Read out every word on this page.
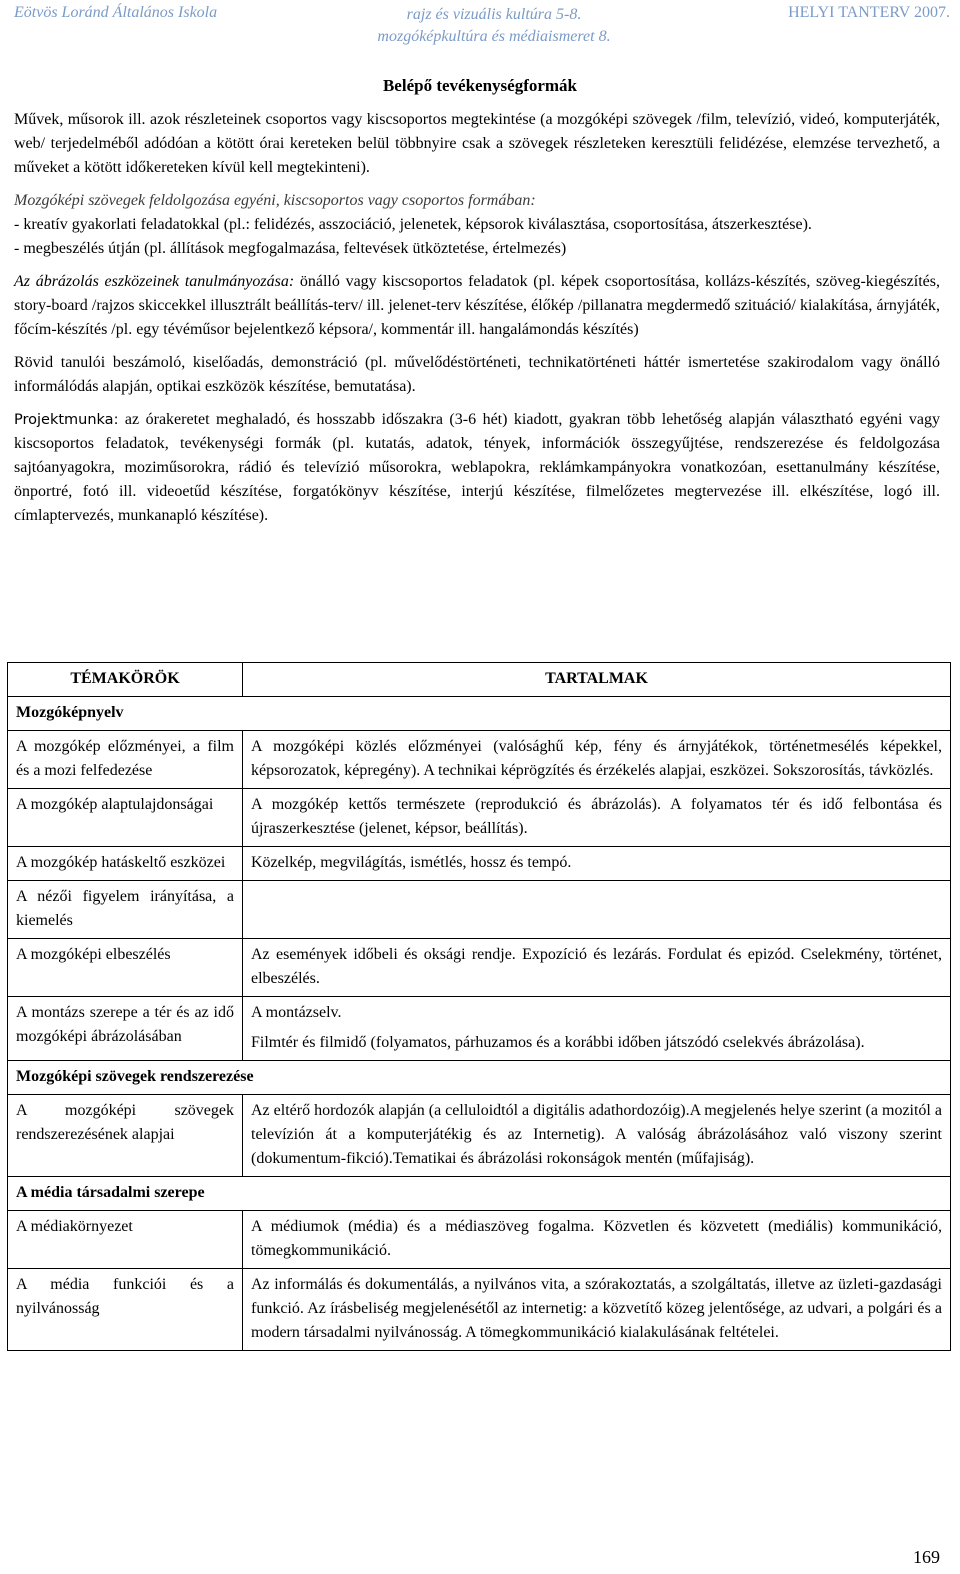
Eötvös Loránd Általános Iskola	rajz és vizuális kultúra 5-8.
mozgóképkultúra és médiaismeret 8.
HELYI TANTERV 2007.
Belépő tevékenységformák

Művek, műsorok ill. azok részleteinek csoportos vagy kiscsoportos megtekintése (a mozgóképi szövegek /film, televízió, videó, komputerjáték, web/ terjedelméből adódóan a kötött órai kereteken belül többnyire csak a szövegek részleteken keresztüli felidézése, elemzése tervezhető, a műveket a kötött időkereteken kívül kell megtekinteni).

Mozgóképi szövegek feldolgozása egyéni, kiscsoportos vagy csoportos formában:

- kreatív gyakorlati feladatokkal (pl.: felidézés, asszociáció, jelenetek, képsorok kiválasztása, csoportosítása, átszerkesztése).

- megbeszélés útján (pl. állítások megfogalmazása, feltevések ütköztetése, értelmezés)

Az ábrázolás eszközeinek tanulmányozása: önálló vagy kiscsoportos feladatok (pl. képek csoportosítása, kollázs-készítés, szöveg-kiegészítés, story-board /rajzos skiccekkel illusztrált beállítás-terv/ ill. jelenet-terv készítése, élőkép /pillanatra megdermedő szituáció/ kialakítása, árnyjáték, főcím-készítés /pl. egy tévéműsor bejelentkező képsora/, kommentár ill. hangalámondás készítés)

Rövid tanulói beszámoló, kiselőadás, demonstráció (pl. művelődéstörténeti, technikatörténeti háttér ismertetése szakirodalom vagy önálló informálódás alapján, optikai eszközök készítése, bemutatása).

Projektmunka: az órakeretet meghaladó, és hosszabb időszakra (3-6 hét) kiadott, gyakran több lehetőség alapján választható egyéni vagy kiscsoportos feladatok, tevékenységi formák (pl. kutatás, adatok, tények, információk összegyűjtése, rendszerezése és feldolgozása sajtóanyagokra, moziműsorokra, rádió és televízió műsorokra, weblapokra, reklámkampányokra vonatkozóan, esettanulmány készítése, önportré, fotó ill. videoetűd készítése, forgatókönyv készítése, interjú készítése, filmelőzetes megtervezése ill. elkészítése, logó ill. címlaptervezés, munkanapló készítése).

TÉMAKÖRÖK	TARTALMAK
Mozgóképnyelv	
A mozgókép előzményei, a film és a mozi felfedezése	A mozgóképi közlés előzményei (valósághű kép, fény és árnyjátékok, történetmesélés képekkel, képsorozatok, képregény). A technikai képrögzítés és érzékelés alapjai, eszközei. Sokszorosítás, távközlés.
A mozgókép alaptulajdonságai	A mozgókép kettős természete (reprodukció és ábrázolás). A folyamatos tér és idő felbontása és újraszerkesztése (jelenet, képsor, beállítás).
A mozgókép hatáskeltő eszközei	Közelkép, megvilágítás, ismétlés, hossz és tempó.
A nézői figyelem irányítása, a kiemelés	
A mozgóképi elbeszélés	Az események időbeli és oksági rendje. Expozíció és lezárás. Fordulat és epizód. Cselekmény, történet, elbeszélés.
A montázs szerepe a tér és az idő mozgóképi ábrázolásában	A montázselv.
Filmtér és filmidő (folyamatos, párhuzamos és a korábbi időben játszódó cselekvés ábrázolása).

Mozgóképi szövegek rendszerezése	
A mozgóképi szövegek rendszerezésének alapjai	Az eltérő hordozók alapján (a celluloidtól a digitális adathordozóig).A megjelenés helye szerint (a mozitól a televízión át a komputerjátékig és az Internetig). A valóság ábrázolásához való viszony szerint (dokumentum-fikció).Tematikai és ábrázolási rokonságok mentén (műfajiság).
A média társadalmi szerepe	
A médiakörnyezet	A médiumok (média) és a médiaszöveg fogalma. Közvetlen és közvetett (mediális) kommunikáció, tömegkommunikáció.
A média funkciói és a nyilvánosság	Az informálás és dokumentálás, a nyilvános vita, a szórakoztatás, a szolgáltatás, illetve az üzleti-gazdasági funkció. Az írásbeliség megjelenésétől az internetig: a közvetítő közeg jelentősége, az udvari, a polgári és a modern társadalmi nyilvánosság. A tömegkommunikáció kialakulásának feltételei.
169
